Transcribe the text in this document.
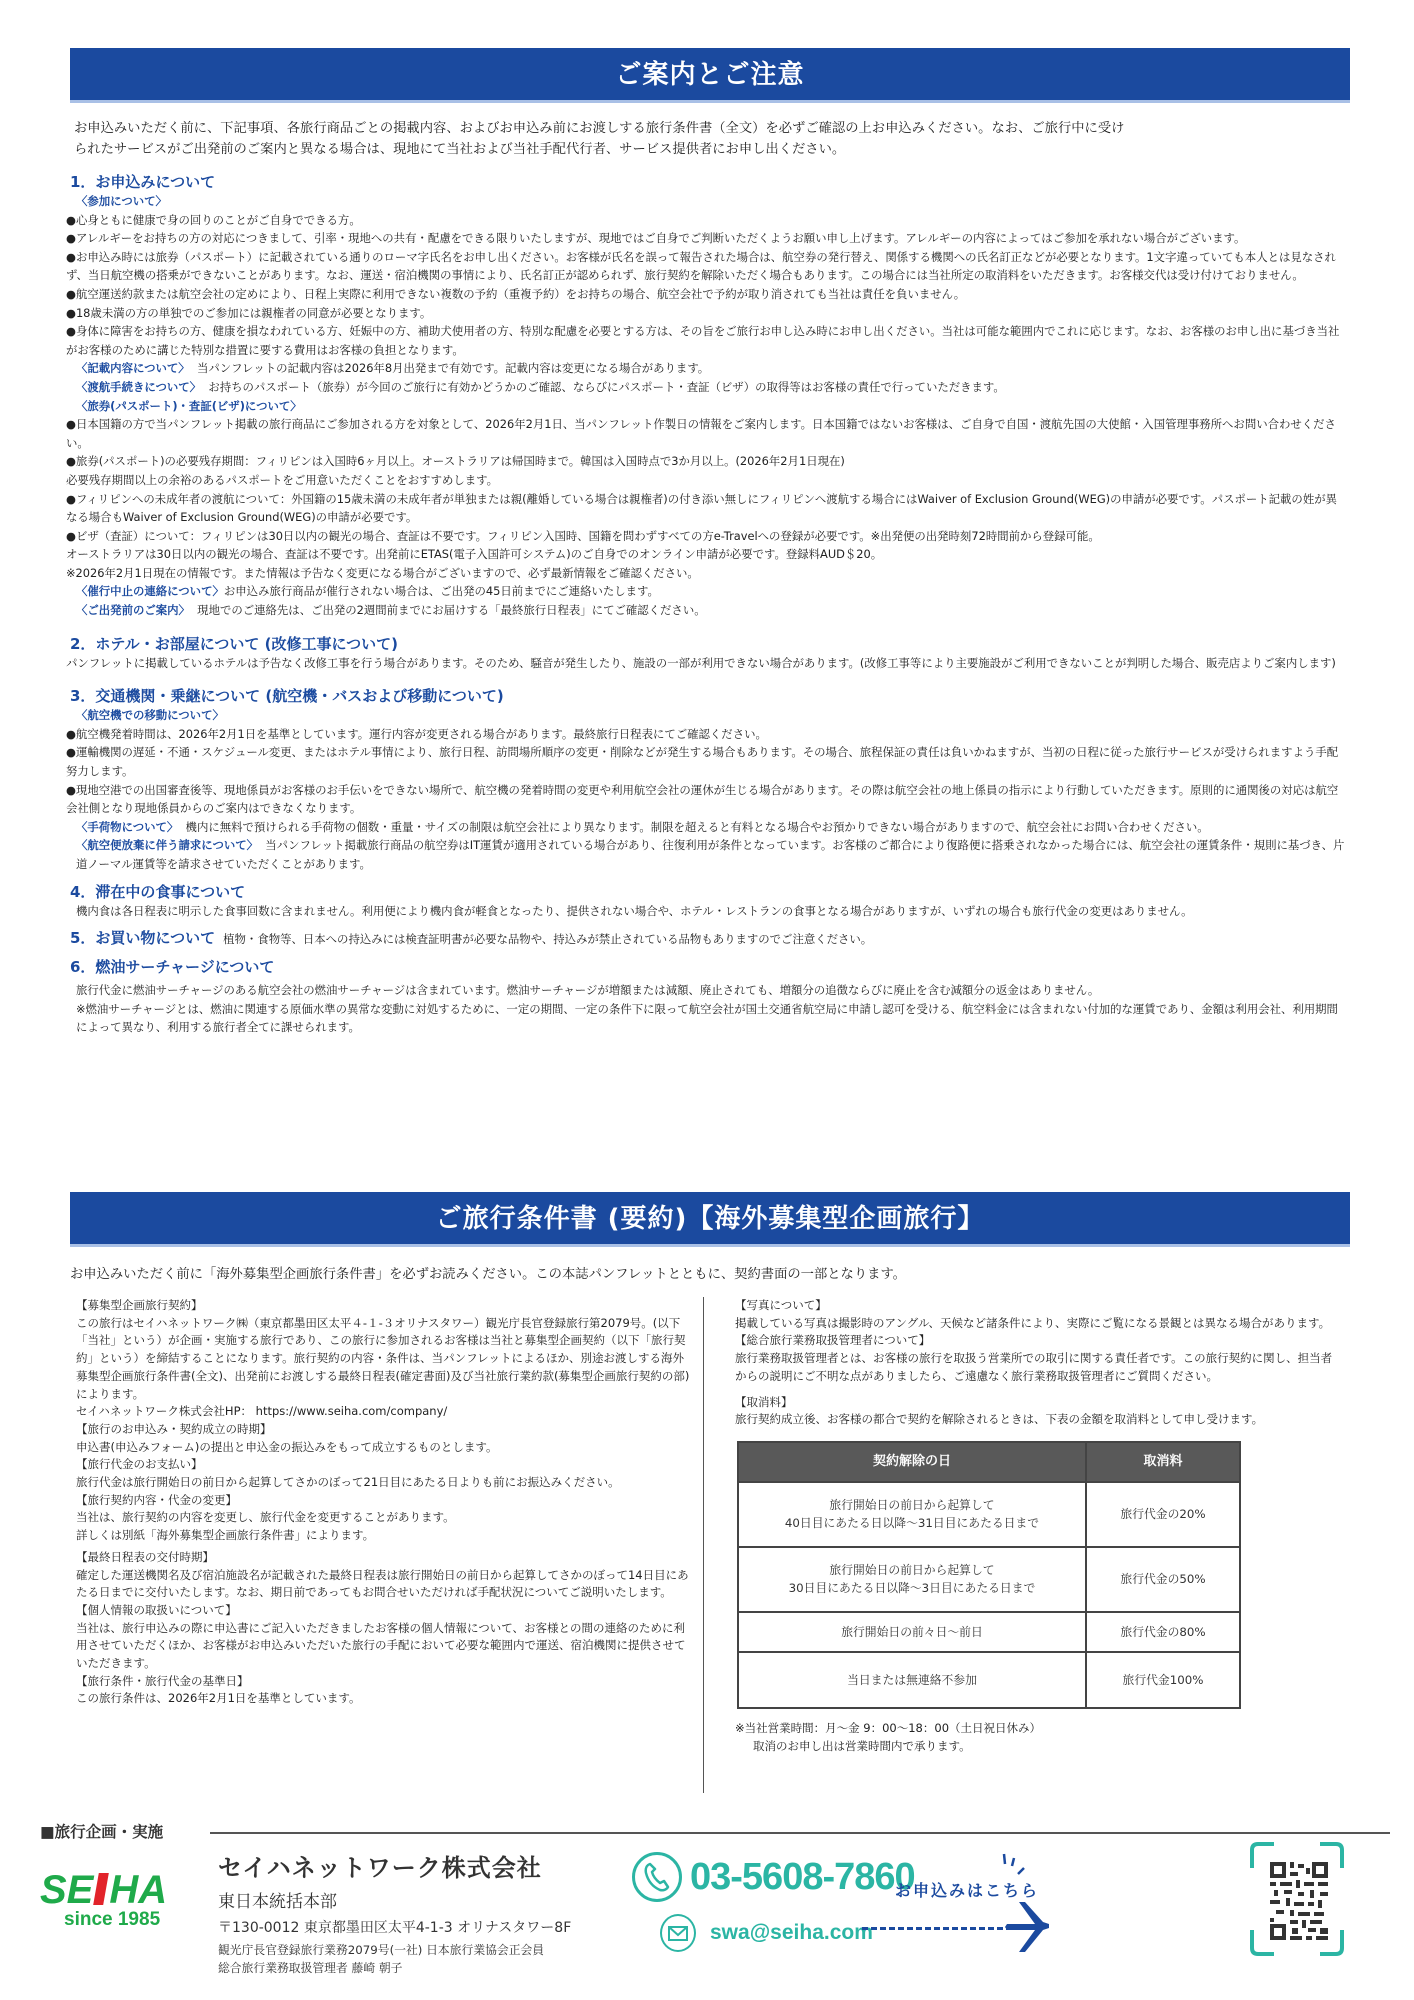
ご案内とご注意
お申込みいただく前に、下記事項、各旅行商品ごとの掲載内容、およびお申込み前にお渡しする旅行条件書（全文）を必ずご確認の上お申込みください。なお、ご旅行中に受け
られたサービスがご出発前のご案内と異なる場合は、現地にて当社および当社手配代行者、サービス提供者にお申し出ください。
1．お申込みについて
〈参加について〉
●心身ともに健康で身の回りのことがご自身でできる方。
●アレルギーをお持ちの方の対応につきまして、引率・現地への共有・配慮をできる限りいたしますが、現地ではご自身でご判断いただくようお願い申し上げます。アレルギーの内容によってはご参加を承れない場合がございます。
●お申込み時には旅券（パスポート）に記載されている通りのローマ字氏名をお申し出ください。お客様が氏名を誤って報告された場合は、航空券の発行替え、関係する機関への氏名訂正などが必要となります。1文字違っていても本人とは見なされず、当日航空機の搭乗ができないことがあります。なお、運送・宿泊機関の事情により、氏名訂正が認められず、旅行契約を解除いただく場合もあります。この場合には当社所定の取消料をいただきます。お客様交代は受け付けておりません。
●航空運送約款または航空会社の定めにより、日程上実際に利用できない複数の予約（重複予約）をお持ちの場合、航空会社で予約が取り消されても当社は責任を負いません。
●18歳未満の方の単独でのご参加には親権者の同意が必要となります。
●身体に障害をお持ちの方、健康を損なわれている方、妊娠中の方、補助犬使用者の方、特別な配慮を必要とする方は、その旨をご旅行お申し込み時にお申し出ください。当社は可能な範囲内でこれに応じます。なお、お客様のお申し出に基づき当社がお客様のために講じた特別な措置に要する費用はお客様の負担となります。
〈記載内容について〉 当パンフレットの記載内容は2026年8月出発まで有効です。記載内容は変更になる場合があります。
〈渡航手続きについて〉 お持ちのパスポート（旅券）が今回のご旅行に有効かどうかのご確認、ならびにパスポート・査証（ビザ）の取得等はお客様の責任で行っていただきます。
〈旅券(パスポート)・査証(ビザ)について〉
●日本国籍の方で当パンフレット掲載の旅行商品にご参加される方を対象として、2026年2月1日、当パンフレット作製日の情報をご案内します。日本国籍ではないお客様は、ご自身で自国・渡航先国の大使館・入国管理事務所へお問い合わせください。
●旅券(パスポート)の必要残存期間：フィリピンは入国時6ヶ月以上。オーストラリアは帰国時まで。韓国は入国時点で3か月以上。(2026年2月1日現在)
必要残存期間以上の余裕のあるパスポートをご用意いただくことをおすすめします。
●フィリピンへの未成年者の渡航について：外国籍の15歳未満の未成年者が単独または親(離婚している場合は親権者)の付き添い無しにフィリピンへ渡航する場合にはWaiver of Exclusion Ground(WEG)の申請が必要です。パスポート記載の姓が異なる場合もWaiver of Exclusion Ground(WEG)の申請が必要です。
●ビザ（査証）について：フィリピンは30日以内の観光の場合、査証は不要です。フィリピン入国時、国籍を問わずすべての方e-Travelへの登録が必要です。※出発便の出発時刻72時間前から登録可能。
オーストラリアは30日以内の観光の場合、査証は不要です。出発前にETAS(電子入国許可システム)のご自身でのオンライン申請が必要です。登録料AUD＄20。
※2026年2月1日現在の情報です。また情報は予告なく変更になる場合がございますので、必ず最新情報をご確認ください。
〈催行中止の連絡について〉お申込み旅行商品が催行されない場合は、ご出発の45日前までにご連絡いたします。
〈ご出発前のご案内〉 現地でのご連絡先は、ご出発の2週間前までにお届けする「最終旅行日程表」にてご確認ください。
2．ホテル・お部屋について (改修工事について)
パンフレットに掲載しているホテルは予告なく改修工事を行う場合があります。そのため、騒音が発生したり、施設の一部が利用できない場合があります。(改修工事等により主要施設がご利用できないことが判明した場合、販売店よりご案内します)
3．交通機関・乗継について (航空機・バスおよび移動について)
〈航空機での移動について〉
●航空機発着時間は、2026年2月1日を基準としています。運行内容が変更される場合があります。最終旅行日程表にてご確認ください。
●運輸機関の遅延・不通・スケジュール変更、またはホテル事情により、旅行日程、訪問場所順序の変更・削除などが発生する場合もあります。その場合、旅程保証の責任は負いかねますが、当初の日程に従った旅行サービスが受けられますよう手配努力します。
●現地空港での出国審査後等、現地係員がお客様のお手伝いをできない場所で、航空機の発着時間の変更や利用航空会社の運休が生じる場合があります。その際は航空会社の地上係員の指示により行動していただきます。原則的に通関後の対応は航空会社側となり現地係員からのご案内はできなくなります。
〈手荷物について〉 機内に無料で預けられる手荷物の個数・重量・サイズの制限は航空会社により異なります。制限を超えると有料となる場合やお預かりできない場合がありますので、航空会社にお問い合わせください。
〈航空便放棄に伴う請求について〉 当パンフレット掲載旅行商品の航空券はIT運賃が適用されている場合があり、往復利用が条件となっています。お客様のご都合により復路便に搭乗されなかった場合には、航空会社の運賃条件・規則に基づき、片道ノーマル運賃等を請求させていただくことがあります。
4．滞在中の食事について
機内食は各日程表に明示した食事回数に含まれません。利用便により機内食が軽食となったり、提供されない場合や、ホテル・レストランの食事となる場合がありますが、いずれの場合も旅行代金の変更はありません。
5．お買い物について 植物・食物等、日本への持込みには検査証明書が必要な品物や、持込みが禁止されている品物もありますのでご注意ください。
6．燃油サーチャージについて
旅行代金に燃油サーチャージのある航空会社の燃油サーチャージは含まれています。燃油サーチャージが増額または減額、廃止されても、増額分の追徴ならびに廃止を含む減額分の返金はありません。
※燃油サーチャージとは、燃油に関連する原価水準の異常な変動に対処するために、一定の期間、一定の条件下に限って航空会社が国土交通省航空局に申請し認可を受ける、航空料金には含まれない付加的な運賃であり、金額は利用会社、利用期間によって異なり、利用する旅行者全てに課せられます。
ご旅行条件書 (要約)【海外募集型企画旅行】
お申込みいただく前に「海外募集型企画旅行条件書」を必ずお読みください。この本誌パンフレットとともに、契約書面の一部となります。
【募集型企画旅行契約】
この旅行はセイハネットワーク㈱（東京都墨田区太平４-１-３オリナスタワー）観光庁長官登録旅行第2079号。(以下「当社」という）が企画・実施する旅行であり、この旅行に参加されるお客様は当社と募集型企画契約（以下「旅行契約」という）を締結することになります。旅行契約の内容・条件は、当パンフレットによるほか、別途お渡しする海外募集型企画旅行条件書(全文)、出発前にお渡しする最終日程表(確定書面)及び当社旅行業約款(募集型企画旅行契約の部)によります。
セイハネットワーク株式会社HP： https://www.seiha.com/company/
【旅行のお申込み・契約成立の時期】
申込書(申込みフォーム)の提出と申込金の振込みをもって成立するものとします。
【旅行代金のお支払い】
旅行代金は旅行開始日の前日から起算してさかのぼって21日目にあたる日よりも前にお振込みください。
【旅行契約内容・代金の変更】
当社は、旅行契約の内容を変更し、旅行代金を変更することがあります。
詳しくは別紙「海外募集型企画旅行条件書」によります。
【最終日程表の交付時期】
確定した運送機関名及び宿泊施設名が記載された最終日程表は旅行開始日の前日から起算してさかのぼって14日目にあたる日までに交付いたします。なお、期日前であってもお問合せいただければ手配状況についてご説明いたします。
【個人情報の取扱いについて】
当社は、旅行申込みの際に申込書にご記入いただきましたお客様の個人情報について、お客様との間の連絡のために利用させていただくほか、お客様がお申込みいただいた旅行の手配において必要な範囲内で運送、宿泊機関に提供させていただきます。
【旅行条件・旅行代金の基準日】
この旅行条件は、2026年2月1日を基準としています。
【写真について】
掲載している写真は撮影時のアングル、天候など諸条件により、実際にご覧になる景観とは異なる場合があります。
【総合旅行業務取扱管理者について】
旅行業務取扱管理者とは、お客様の旅行を取扱う営業所での取引に関する責任者です。この旅行契約に関し、担当者からの説明にご不明な点がありましたら、ご遠慮なく旅行業務取扱管理者にご質問ください。
【取消料】
旅行契約成立後、お客様の都合で契約を解除されるときは、下表の金額を取消料として申し受けます。
契約解除の日	取消料

旅行開始日の前日から起算して
40日目にあたる日以降～31日目にあたる日まで	旅行代金の20%

旅行開始日の前日から起算して
30日目にあたる日以降～3日目にあたる日まで	旅行代金の50%
旅行開始日の前々日～前日	旅行代金の80%
当日または無連絡不参加	旅行代金100%
※当社営業時間：月～金 9：00～18：00（土日祝日休み）
取消のお申し出は営業時間内で承ります。
■旅行企画・実施
SE HA
since 1985
セイハネットワーク株式会社
東日本統括本部
〒130-0012 東京都墨田区太平4-1-3 オリナスタワー8F
観光庁長官登録旅行業務2079号(一社) 日本旅行業協会正会員
総合旅行業務取扱管理者 藤崎 朝子
03-5608-7860
swa@seiha.com
お申込みはこちら
